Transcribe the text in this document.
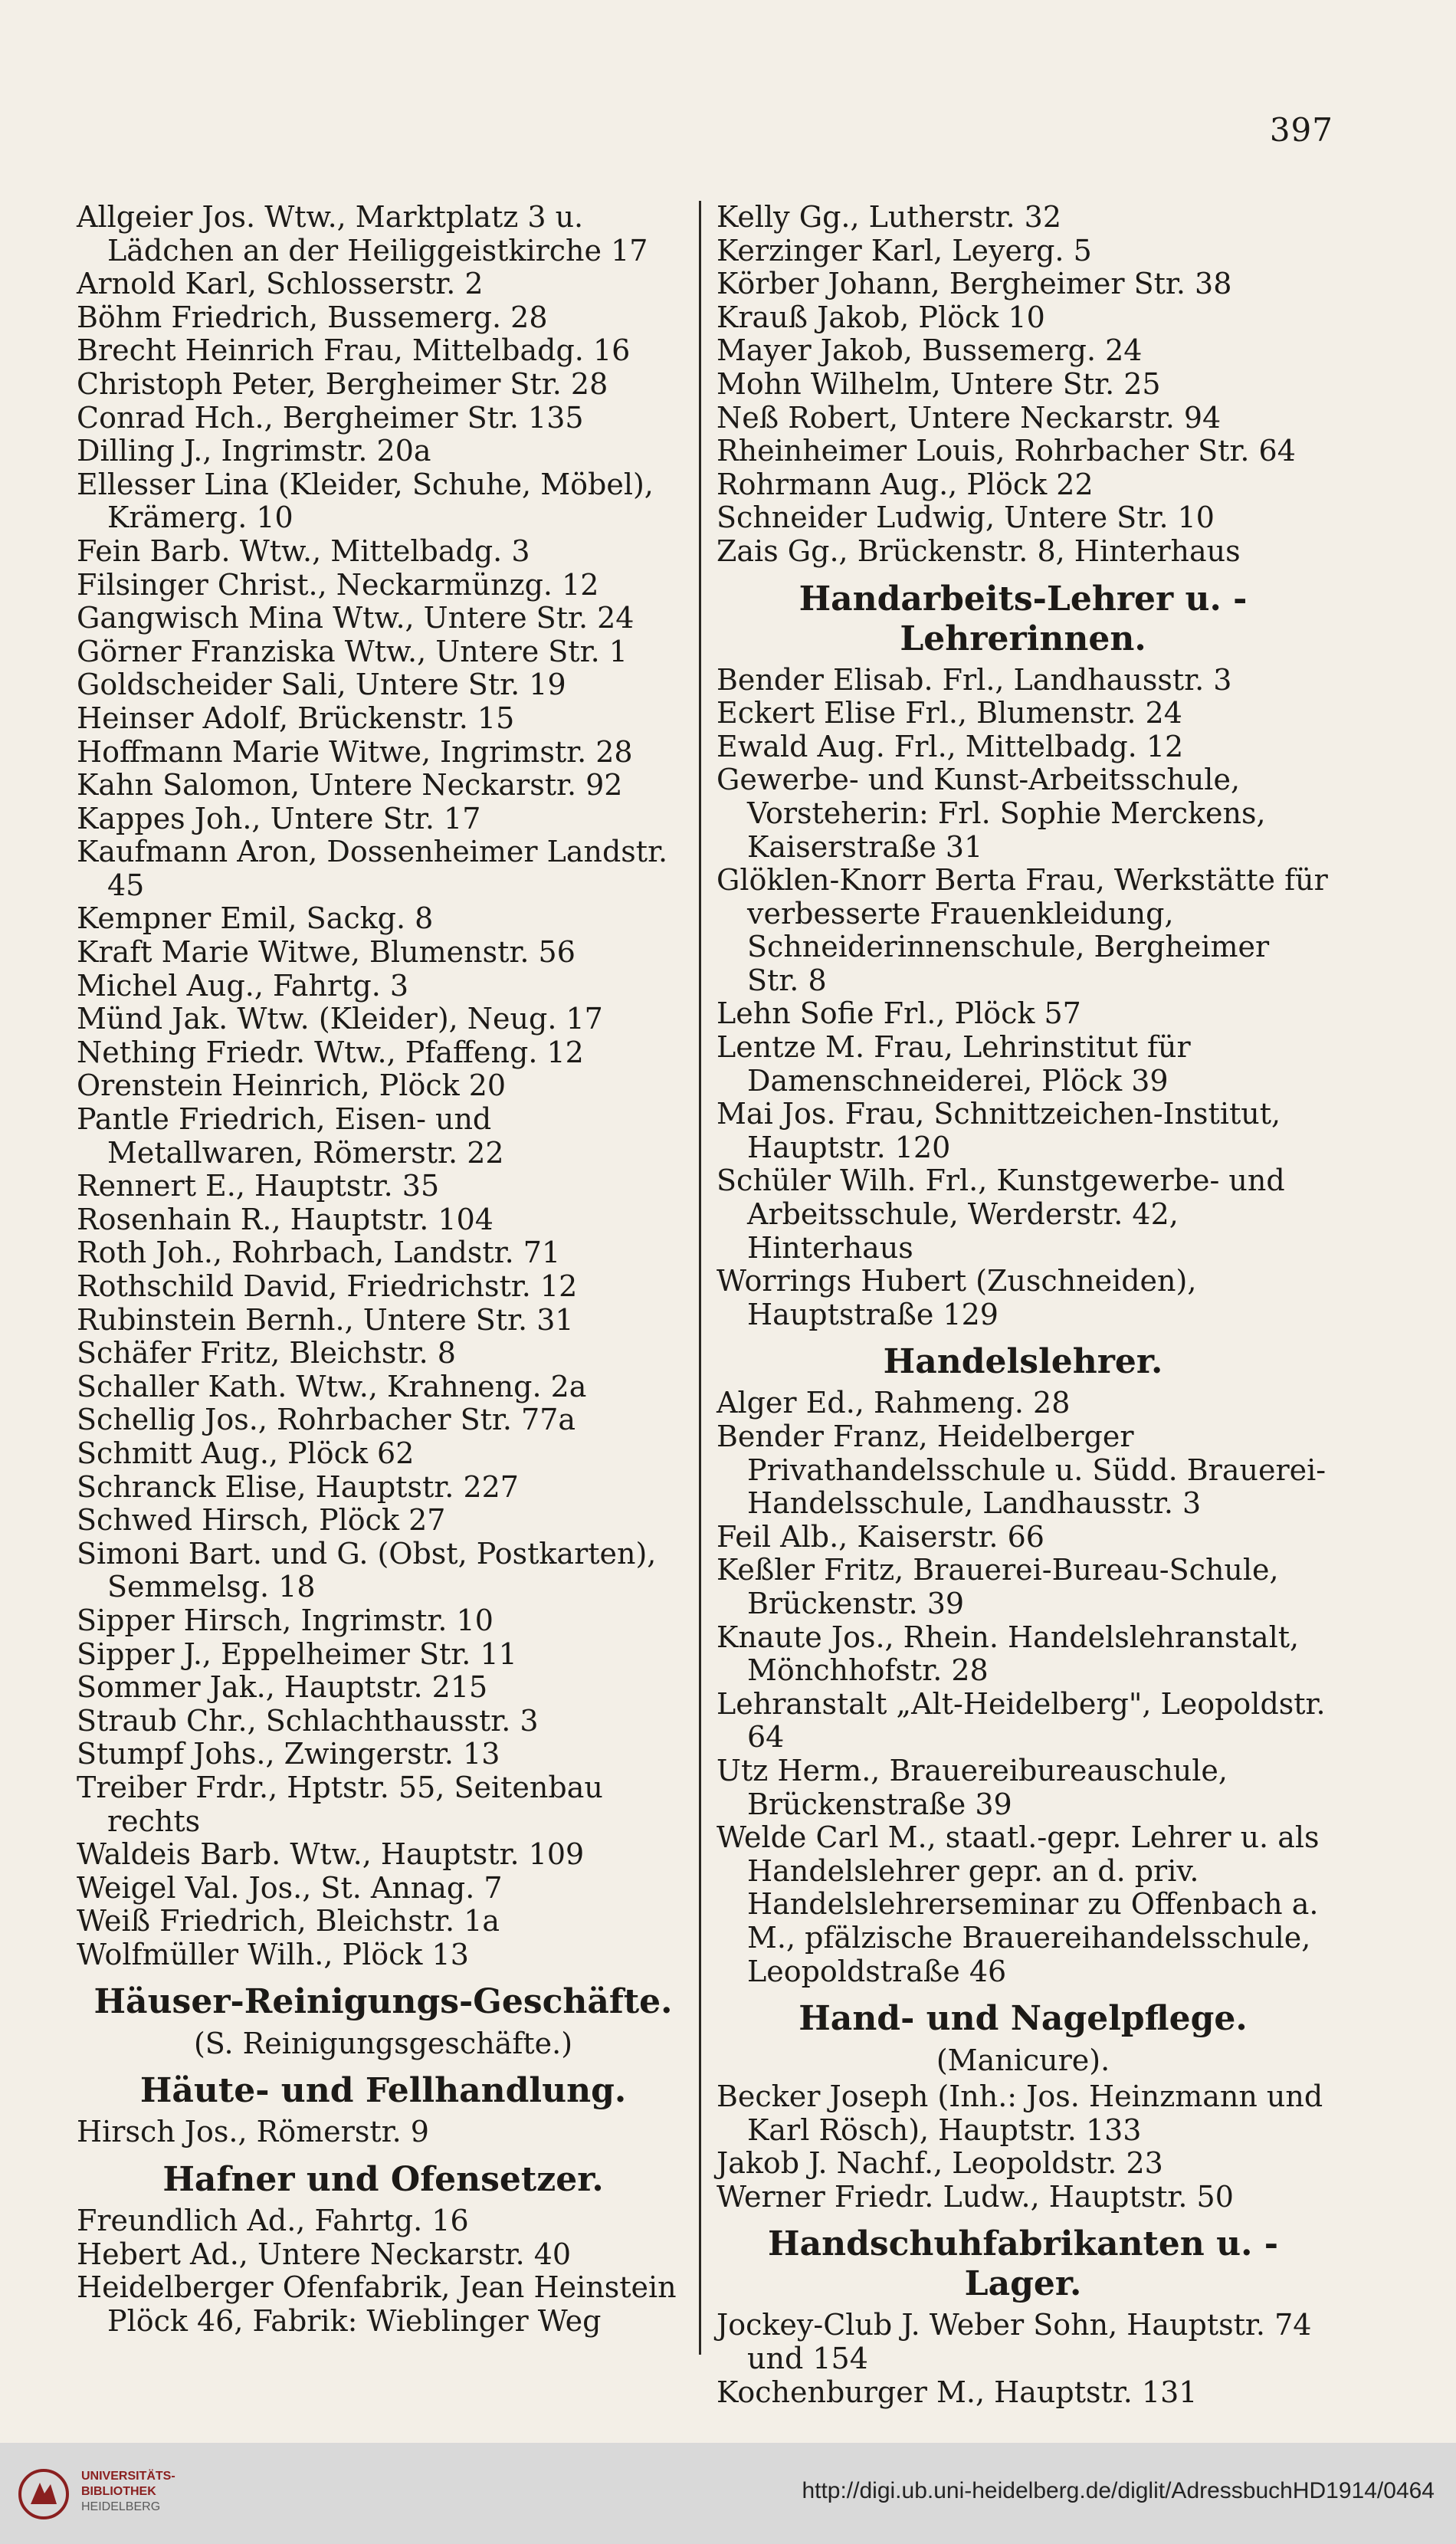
397
Allgeier Jos. Wtw., Marktplatz 3 u. Lädchen an der Heiliggeistkirche 17
Arnold Karl, Schlosserstr. 2
Böhm Friedrich, Bussemerg. 28
Brecht Heinrich Frau, Mittelbadg. 16
Christoph Peter, Bergheimer Str. 28
Conrad Hch., Bergheimer Str. 135
Dilling J., Ingrimstr. 20a
Ellesser Lina (Kleider, Schuhe, Möbel), Krämerg. 10
Fein Barb. Wtw., Mittelbadg. 3
Filsinger Christ., Neckarmünzg. 12
Gangwisch Mina Wtw., Untere Str. 24
Görner Franziska Wtw., Untere Str. 1
Goldscheider Sali, Untere Str. 19
Heinser Adolf, Brückenstr. 15
Hoffmann Marie Witwe, Ingrimstr. 28
Kahn Salomon, Untere Neckarstr. 92
Kappes Joh., Untere Str. 17
Kaufmann Aron, Dossenheimer Landstr. 45
Kempner Emil, Sackg. 8
Kraft Marie Witwe, Blumenstr. 56
Michel Aug., Fahrtg. 3
Münd Jak. Wtw. (Kleider), Neug. 17
Nething Friedr. Wtw., Pfaffeng. 12
Orenstein Heinrich, Plöck 20
Pantle Friedrich, Eisen- und Metallwaren, Römerstr. 22
Rennert E., Hauptstr. 35
Rosenhain R., Hauptstr. 104
Roth Joh., Rohrbach, Landstr. 71
Rothschild David, Friedrichstr. 12
Rubinstein Bernh., Untere Str. 31
Schäfer Fritz, Bleichstr. 8
Schaller Kath. Wtw., Krahneng. 2a
Schellig Jos., Rohrbacher Str. 77a
Schmitt Aug., Plöck 62
Schranck Elise, Hauptstr. 227
Schwed Hirsch, Plöck 27
Simoni Bart. und G. (Obst, Postkarten), Semmelsg. 18
Sipper Hirsch, Ingrimstr. 10
Sipper J., Eppelheimer Str. 11
Sommer Jak., Hauptstr. 215
Straub Chr., Schlachthausstr. 3
Stumpf Johs., Zwingerstr. 13
Treiber Frdr., Hptstr. 55, Seitenbau rechts
Waldeis Barb. Wtw., Hauptstr. 109
Weigel Val. Jos., St. Annag. 7
Weiß Friedrich, Bleichstr. 1a
Wolfmüller Wilh., Plöck 13
Häuser-Reinigungs-Geschäfte.
(S. Reinigungsgeschäfte.)
Häute- und Fellhandlung.
Hirsch Jos., Römerstr. 9
Hafner und Ofensetzer.
Freundlich Ad., Fahrtg. 16
Hebert Ad., Untere Neckarstr. 40
Heidelberger Ofenfabrik, Jean Heinstein Plöck 46, Fabrik: Wieblinger Weg
Kelly Gg., Lutherstr. 32
Kerzinger Karl, Leyerg. 5
Körber Johann, Bergheimer Str. 38
Krauß Jakob, Plöck 10
Mayer Jakob, Bussemerg. 24
Mohn Wilhelm, Untere Str. 25
Neß Robert, Untere Neckarstr. 94
Rheinheimer Louis, Rohrbacher Str. 64
Rohrmann Aug., Plöck 22
Schneider Ludwig, Untere Str. 10
Zais Gg., Brückenstr. 8, Hinterhaus
Handarbeits-Lehrer u. -Lehrerinnen.
Bender Elisab. Frl., Landhausstr. 3
Eckert Elise Frl., Blumenstr. 24
Ewald Aug. Frl., Mittelbadg. 12
Gewerbe- und Kunst-Arbeitsschule, Vorsteherin: Frl. Sophie Merckens, Kaiserstraße 31
Glöklen-Knorr Berta Frau, Werkstätte für verbesserte Frauenkleidung, Schneiderinnenschule, Bergheimer Str. 8
Lehn Sofie Frl., Plöck 57
Lentze M. Frau, Lehrinstitut für Damenschneiderei, Plöck 39
Mai Jos. Frau, Schnittzeichen-Institut, Hauptstr. 120
Schüler Wilh. Frl., Kunstgewerbe- und Arbeitsschule, Werderstr. 42, Hinterhaus
Worrings Hubert (Zuschneiden), Hauptstraße 129
Handelslehrer.
Alger Ed., Rahmeng. 28
Bender Franz, Heidelberger Privathandelsschule u. Südd. Brauerei-Handelsschule, Landhausstr. 3
Feil Alb., Kaiserstr. 66
Keßler Fritz, Brauerei-Bureau-Schule, Brückenstr. 39
Knaute Jos., Rhein. Handelslehranstalt, Mönchhofstr. 28
Lehranstalt „Alt-Heidelberg", Leopoldstr. 64
Utz Herm., Brauereibureauschule, Brückenstraße 39
Welde Carl M., staatl.-gepr. Lehrer u. als Handelslehrer gepr. an d. priv. Handelslehrerseminar zu Offenbach a. M., pfälzische Brauereihandelsschule, Leopoldstraße 46
Hand- und Nagelpflege.
(Manicure).
Becker Joseph (Inh.: Jos. Heinzmann und Karl Rösch), Hauptstr. 133
Jakob J. Nachf., Leopoldstr. 23
Werner Friedr. Ludw., Hauptstr. 50
Handschuhfabrikanten u. -Lager.
Jockey-Club J. Weber Sohn, Hauptstr. 74 und 154
Kochenburger M., Hauptstr. 131
UNIVERSITÄTS-
BIBLIOTHEK
HEIDELBERG
http://digi.ub.uni-heidelberg.de/diglit/AdressbuchHD1914/0464
